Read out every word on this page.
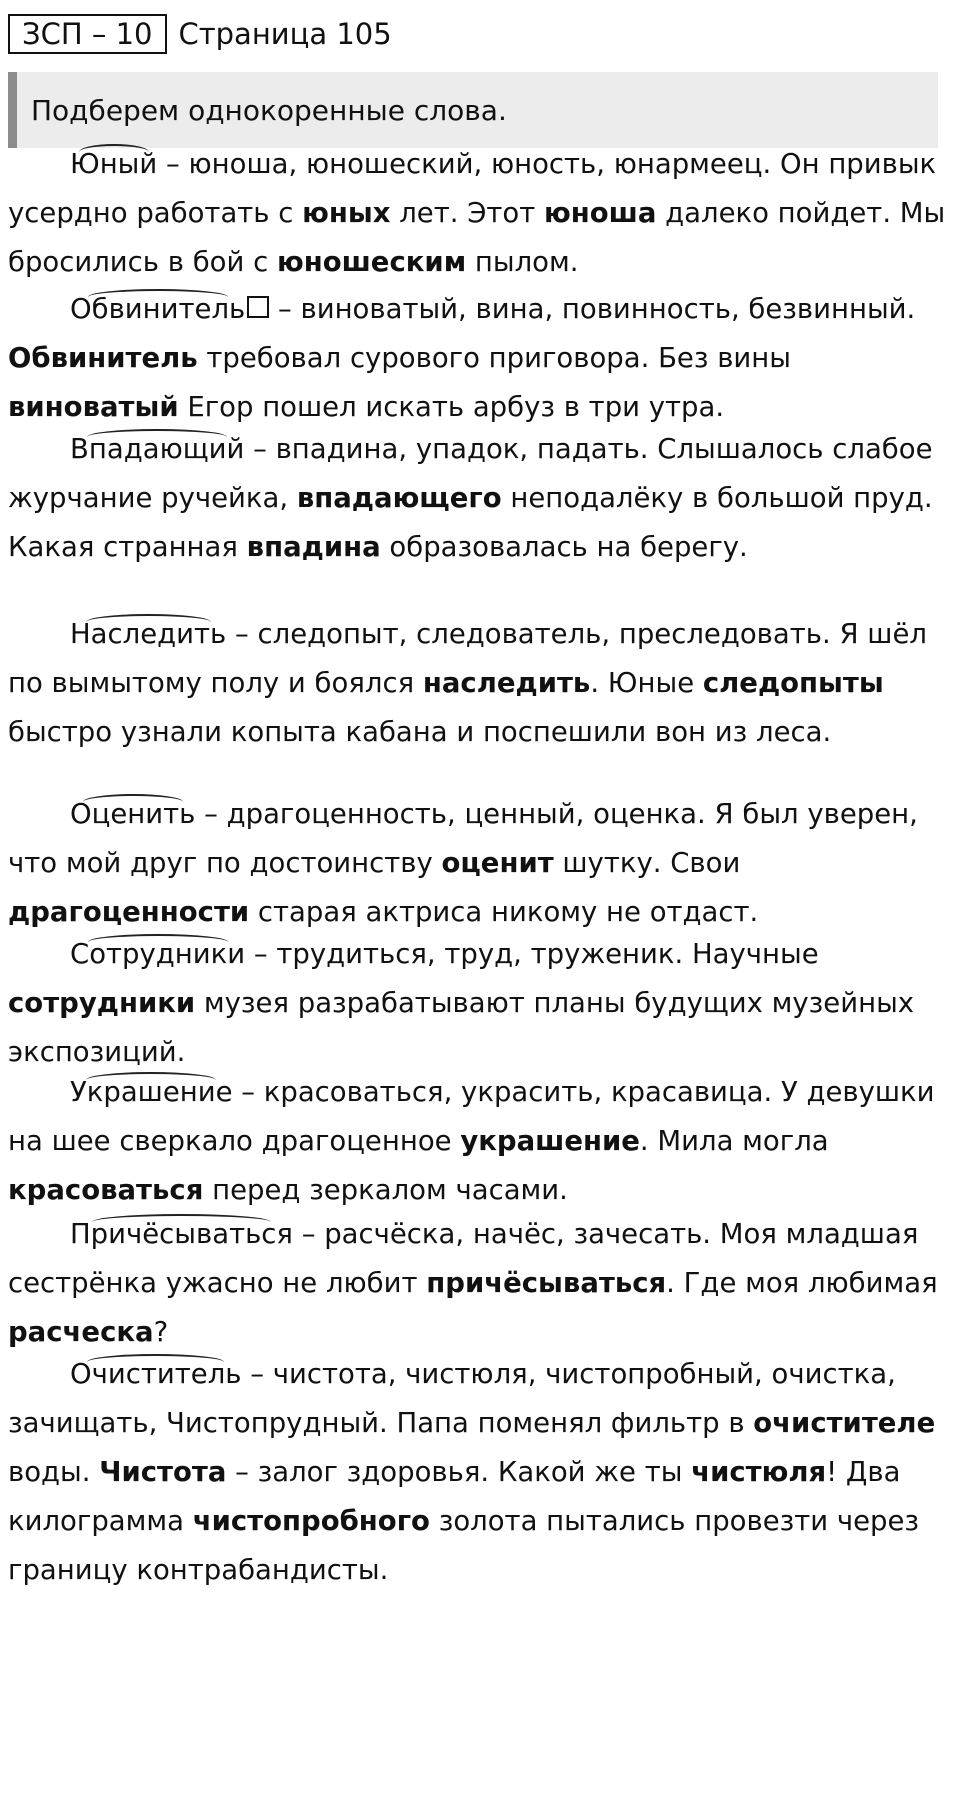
ЗСП – 10 Страница 105
Подберем однокоренные слова.

Юный – юноша, юношеский, юность, юнармеец. Он привык усердно работать с юных лет. Этот юноша далеко пойдет. Мы бросились в бой с юношеским пылом.

Обвинитель – виноватый, вина, повинность, безвинный. Обвинитель требовал сурового приговора. Без вины виноватый Егор пошел искать арбуз в три утра.

Впадающий – впадина, упадок, падать. Слышалось слабое журчание ручейка, впадающего неподалёку в большой пруд. Какая странная впадина образовалась на берегу.

Наследить – следопыт, следователь, преследовать. Я шёл по вымытому полу и боялся наследить. Юные следопыты быстро узнали копыта кабана и поспешили вон из леса.

Оценить – драгоценность, ценный, оценка. Я был уверен, что мой друг по достоинству оценит шутку. Свои драгоценности старая актриса никому не отдаст.

Сотрудники – трудиться, труд, труженик. Научные сотрудники музея разрабатывают планы будущих музейных экспозиций.

Украшение – красоваться, украсить, красавица. У девушки на шее сверкало драгоценное украшение. Мила могла красоваться перед зеркалом часами.

Причёсываться – расчёска, начёс, зачесать. Моя младшая сестрёнка ужасно не любит причёсываться. Где моя любимая расческа?

Очиститель – чистота, чистюля, чистопробный, очистка, зачищать, Чистопрудный. Папа поменял фильтр в очистителе воды. Чистота – залог здоровья. Какой же ты чистюля! Два килограмма чистопробного золота пытались провезти через границу контрабандисты.
